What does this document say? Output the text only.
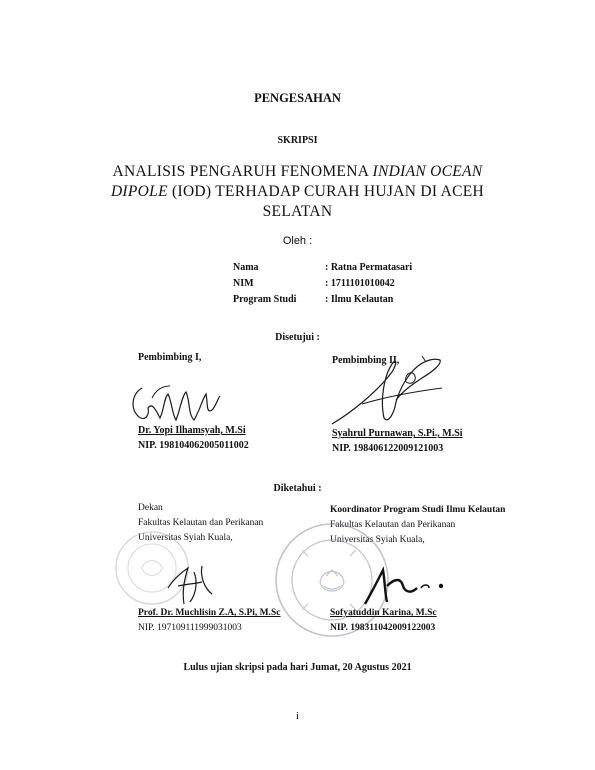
PENGESAHAN
SKRIPSI
ANALISIS PENGARUH FENOMENA INDIAN OCEAN
DIPOLE (IOD) TERHADAP CURAH HUJAN DI ACEH
SELATAN
Oleh :
Nama	: Ratna Permatasari
NIM	: 1711101010042
Program Studi	: Ilmu Kelautan
Disetujui :
Pembimbing I,	Pembimbing II,
Dr. Yopi Ilhamsyah, M.Si
NIP. 198104062005011002
Syahrul Purnawan, S.Pi., M.Si
NIP. 198406122009121003
Diketahui :
Dekan
Fakultas Kelautan dan Perikanan
Universitas Syiah Kuala,
Koordinator Program Studi Ilmu Kelautan
Fakultas Kelautan dan Perikanan
Universitas Syiah Kuala,
Prof. Dr. Muchlisin Z.A, S.Pi, M.Sc
NIP. 197109111999031003
Sofyatuddin Karina, M.Sc
NIP. 198311042009122003
Lulus ujian skripsi pada hari Jumat, 20 Agustus 2021
i
